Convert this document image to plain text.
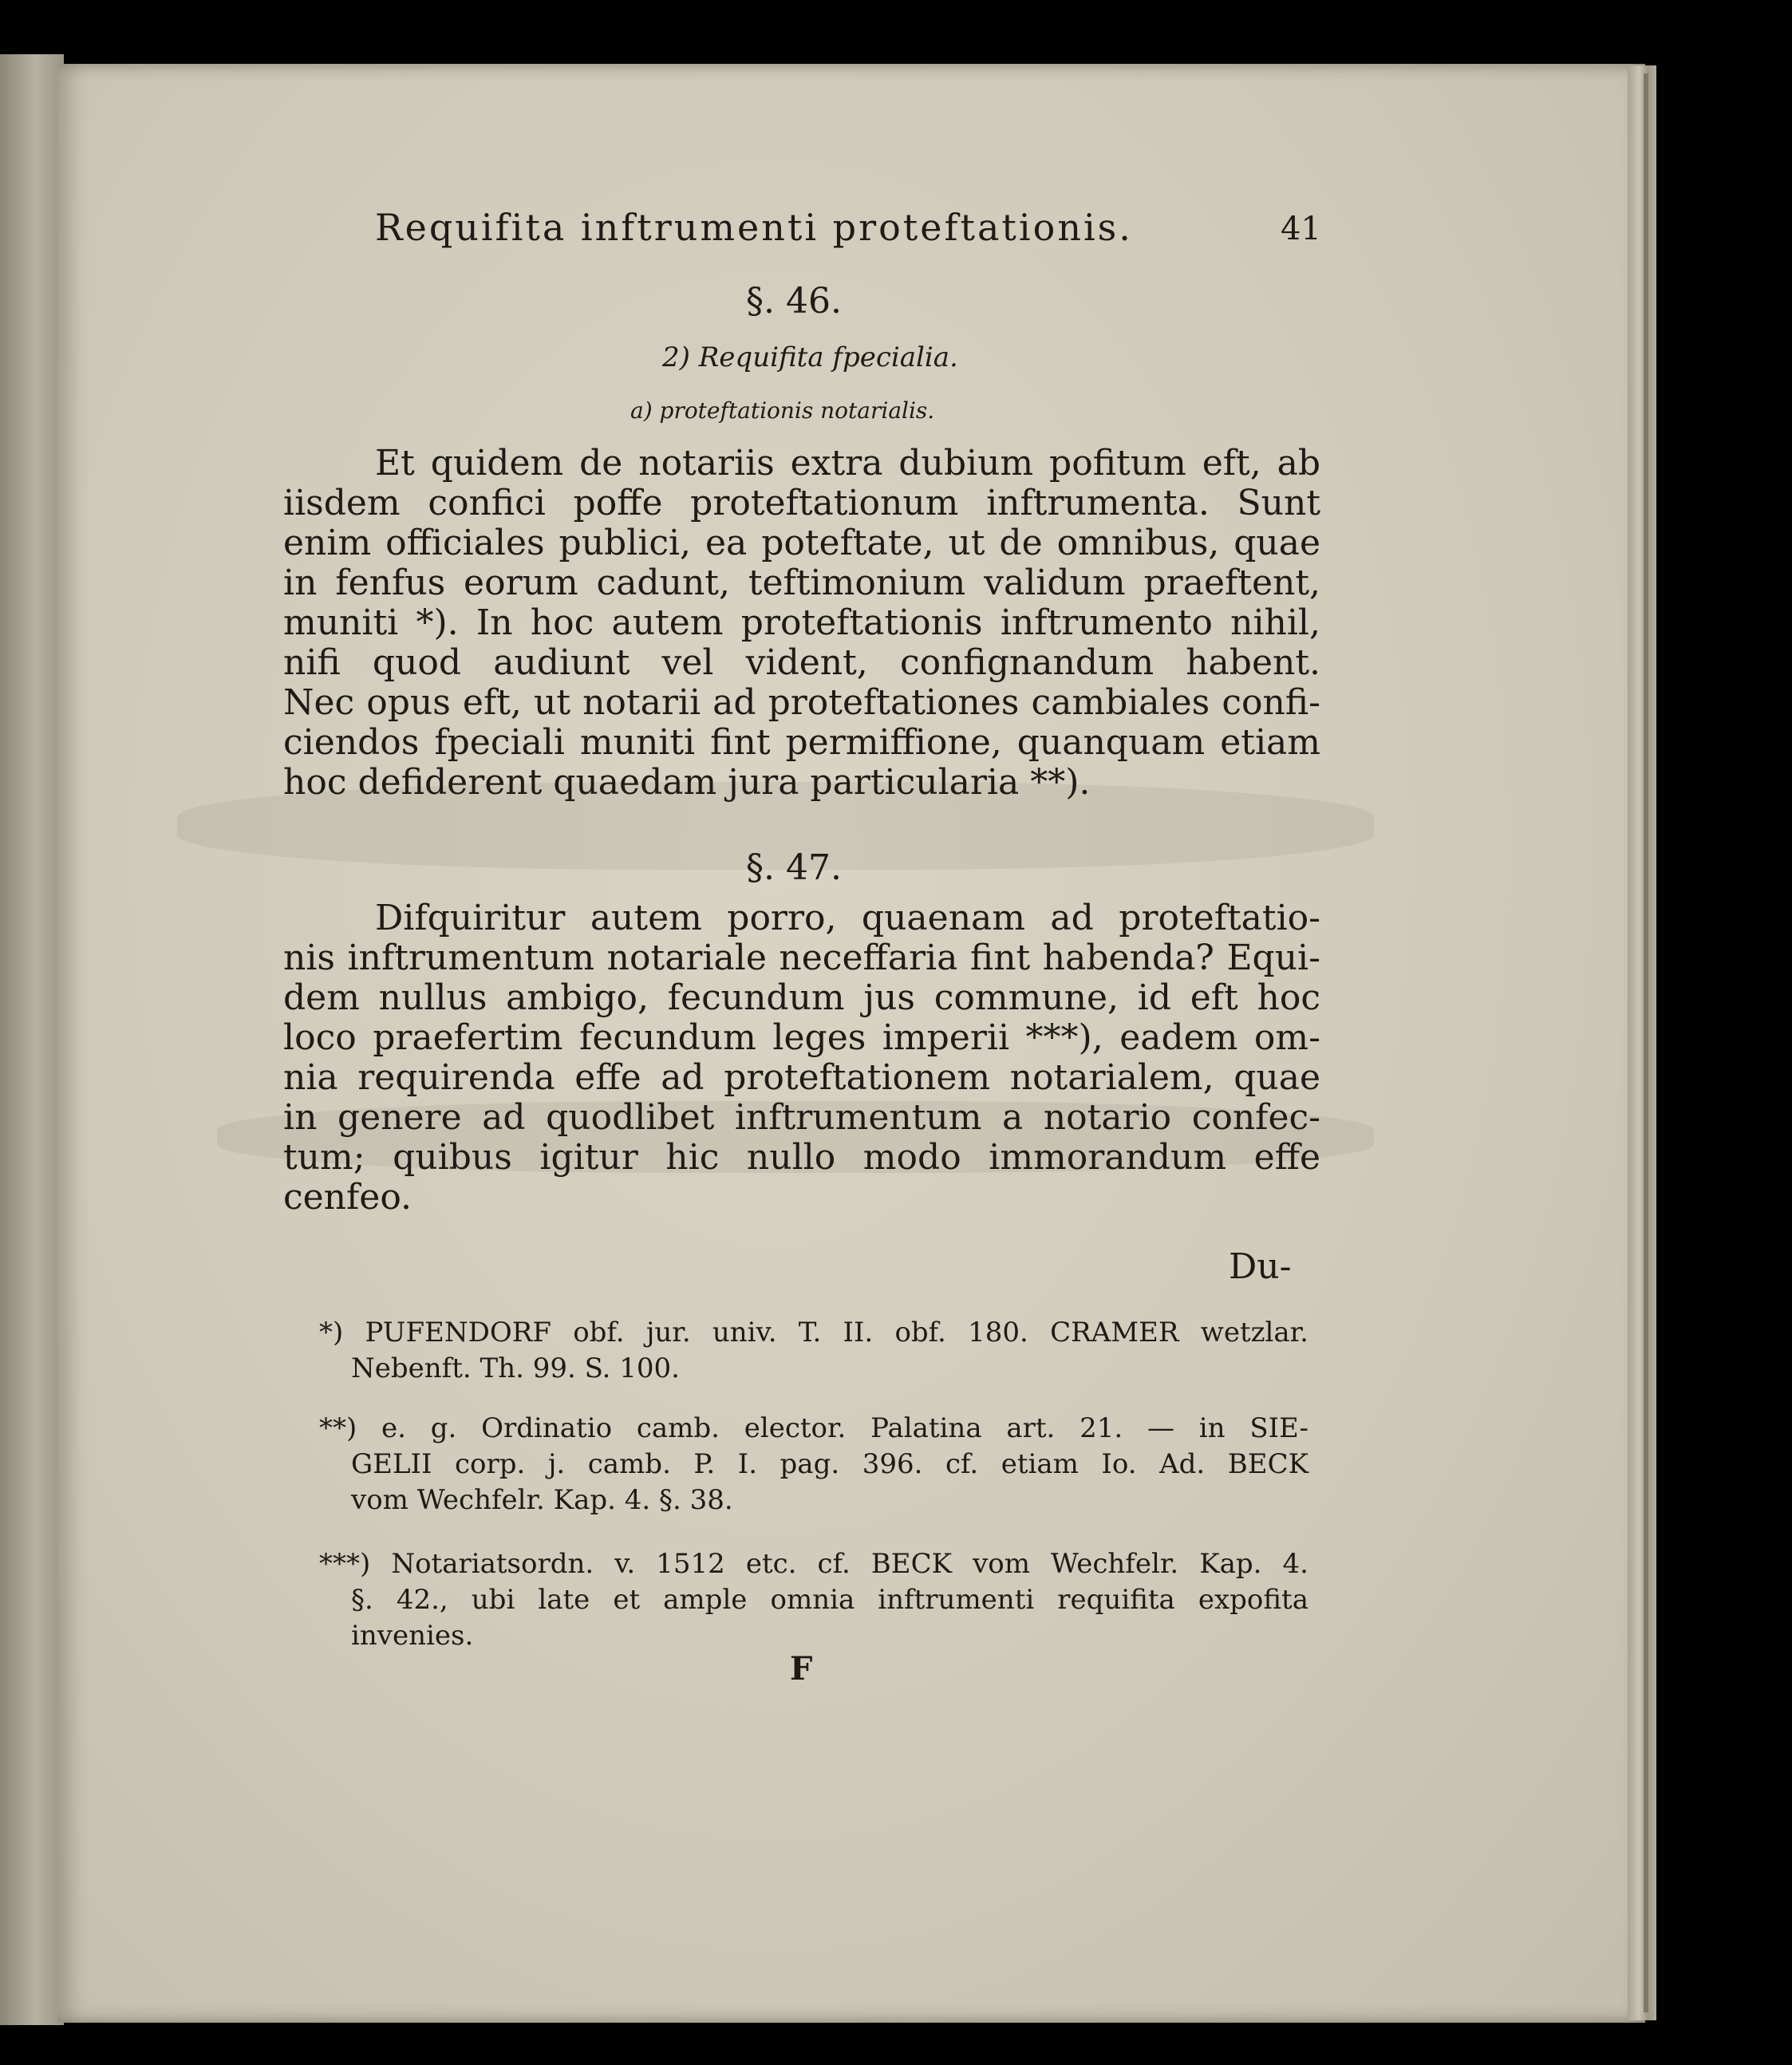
Requifita inftrumenti proteftationis.	41
§. 46.
2) Requifita fpecialia.
a) proteftationis notarialis.
Et quidem de notariis extra dubium pofitum eft, ab
iisdem confici poffe proteftationum inftrumenta. Sunt
enim officiales publici, ea poteftate, ut de omnibus, quae
in fenfus eorum cadunt, teftimonium validum praeftent,
muniti *). In hoc autem proteftationis inftrumento nihil,
nifi quod audiunt vel vident, confignandum habent.
Nec opus eft, ut notarii ad proteftationes cambiales confi-
ciendos fpeciali muniti fint permiffione, quanquam etiam
hoc defiderent quaedam jura particularia **).
§. 47.
Difquiritur autem porro, quaenam ad proteftatio-
nis inftrumentum notariale neceffaria fint habenda? Equi-
dem nullus ambigo, fecundum jus commune, id eft hoc
loco praefertim fecundum leges imperii ***), eadem om-
nia requirenda effe ad proteftationem notarialem, quae
in genere ad quodlibet inftrumentum a notario confec-
tum; quibus igitur hic nullo modo immorandum effe
cenfeo.
Du-
*) PUFENDORF obf. jur. univ. T. II. obf. 180. CRAMER wetzlar.
Nebenft. Th. 99. S. 100.
**) e. g. Ordinatio camb. elector. Palatina art. 21. — in SIE-
GELII corp. j. camb. P. I. pag. 396. cf. etiam Io. Ad. BECK
vom Wechfelr. Kap. 4. §. 38.
***) Notariatsordn. v. 1512 etc. cf. BECK vom Wechfelr. Kap. 4.
§. 42., ubi late et ample omnia inftrumenti requifita expofita
invenies.
F
